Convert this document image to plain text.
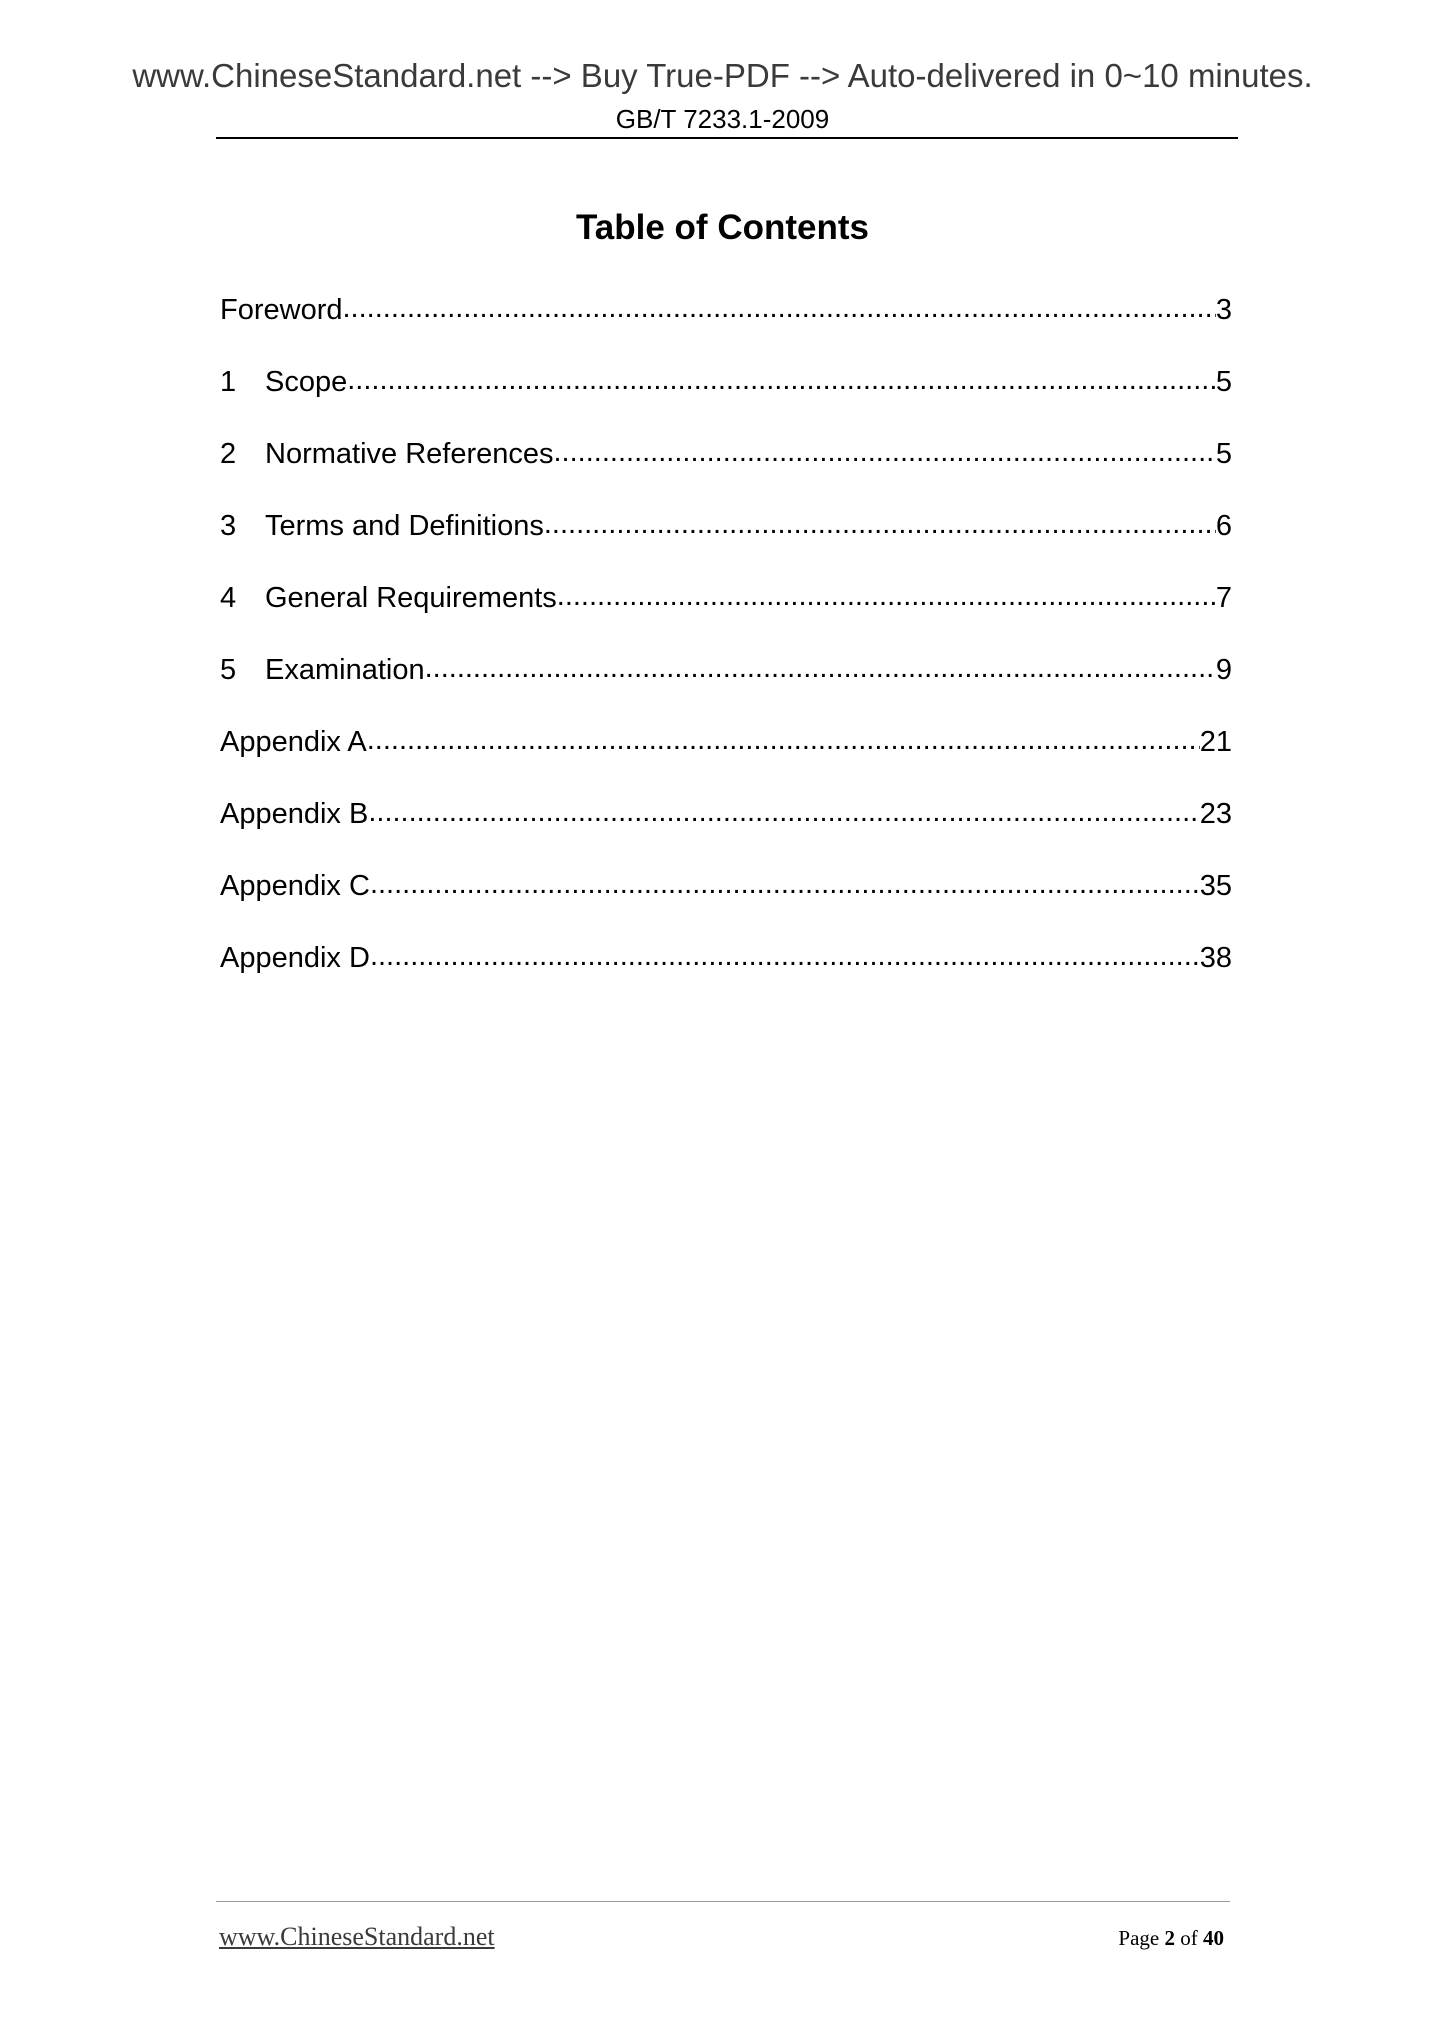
www.ChineseStandard.net --> Buy True-PDF --> Auto-delivered in 0~10 minutes.
GB/T 7233.1-2009
Table of Contents
Foreword .....	3
1 Scope .....	5
2 Normative References .....	5
3 Terms and Definitions .....	6
4 General Requirements .....	7
5 Examination .....	9
Appendix A .....	21
Appendix B .....	23
Appendix C .....	35
Appendix D .....	38
www.ChineseStandard.net	Page 2 of 40
